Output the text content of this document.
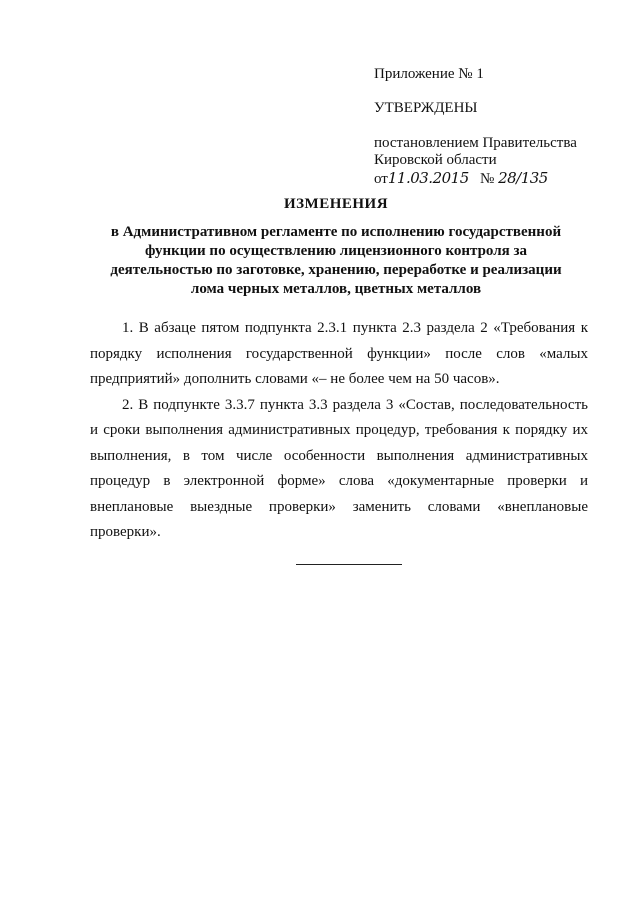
Приложение № 1

УТВЕРЖДЕНЫ

постановлением Правительства

Кировской области

от11.03.2015 № 28/135

ИЗМЕНЕНИЯ
в Административном регламенте по исполнению государственной функции по осуществлению лицензионного контроля за деятельностью по заготовке, хранению, переработке и реализации лома черных металлов, цветных металлов

1. В абзаце пятом подпункта 2.3.1 пункта 2.3 раздела 2 «Требования к порядку исполнения государственной функции» после слов «малых предприятий» дополнить словами «– не более чем на 50 часов».

2. В подпункте 3.3.7 пункта 3.3 раздела 3 «Состав, последовательность и сроки выполнения административных процедур, требования к порядку их выполнения, в том числе особенности выполнения административных процедур в электронной форме» слова «документарные проверки и внеплановые выездные проверки» заменить словами «внеплановые проверки».
